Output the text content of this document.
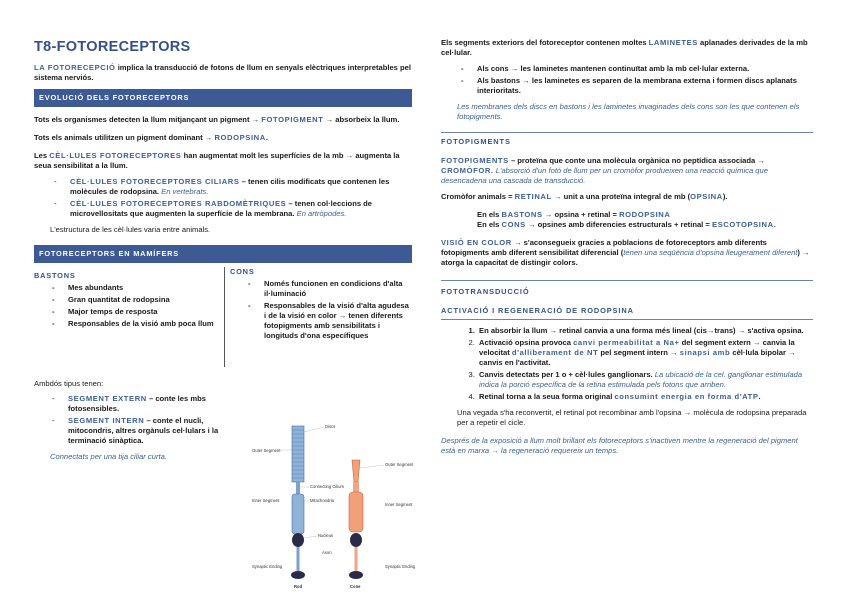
T8-FOTORECEPTORS
LA FOTORECEPCIÓ implica la transducció de fotons de llum en senyals elèctriques interpretables pel sistema nerviós.
EVOLUCIÓ DELS FOTORECEPTORS
Tots els organismes detecten la llum mitjançant un pigment → FOTOPIGMENT → absorbeix la llum.
Tots els animals utilitzen un pigment dominant → RODOPSINA.
Les CÈL·LULES FOTORECEPTORES han augmentat molt les superfícies de la mb → augmenta la seua sensibilitat a la llum.
- CÈL·LULES FOTORECEPTORES CILIARS – tenen cilis modificats que contenen les molècules de rodopsina. En vertebrats.
- CÈL·LULES FOTORECEPTORES RABDOMÈTRIQUES – tenen col·leccions de microvellositats que augmenten la superfície de la membrana. En artròpodes.
L'estructura de les cèl·lules varia entre animals.
FOTORECEPTORS EN MAMÍFERS
BASTONS
- Mes abundants
- Gran quantitat de rodopsina
- Major temps de resposta
- Responsables de la visió amb poca llum
CONS
- Només funcionen en condicions d'alta il·luminació
- Responsables de la visió d'alta agudesa i de la visió en color → tenen diferents fotopigments amb sensibilitats i longituds d'ona específiques
Ambdós tipus tenen:
- SEGMENT EXTERN – conte les mbs fotosensibles.
- SEGMENT INTERN – conte el nucli, mitocondris, altres orgànuls cel·lulars i la terminació sinàptica.
Connectats per una tija ciliar curta.
Discs
Outer Segment
Outer Segment
Connecting Cilium
Mitochondria
Inner Segment
Inner Segment
Nucleus
Axon
Synaptic Ending	Synaptic Ending
Rod	Cone
Els segments exteriors del fotoreceptor contenen moltes LAMINETES aplanades derivades de la mb cel·lular.
- Als cons → les laminetes mantenen continuïtat amb la mb cel·lular externa.
- Als bastons → les laminetes es separen de la membrana externa i formen discs aplanats interioritats.
Les membranes dels discs en bastons i les laminetes invaginades dels cons son les que contenen els fotopigments.
FOTOPIGMENTS
FOTOPIGMENTS – proteïna que conte una molècula orgànica no peptídica associada → CROMÒFOR. L'absorció d'un fotó de llum per un cromòfor produeixen una reacció química que desencadena una cascada de transducció.
Cromòfor animals = RETINAL → unit a una proteïna integral de mb (OPSINA).
En els BASTONS → opsina + retinal = RODOPSINA
En els CONS → opsines amb diferencies estructurals + retinal = ESCOTOPSINA.
VISIÓ EN COLOR → s'aconsegueix gracies a poblacions de fotoreceptors amb diferents fotopigments amb diferent sensibilitat diferencial (tenen una seqüència d'opsina lleugerament diferent) → atorga la capacitat de distingir colors.
FOTOTRANSDUCCIÓ
ACTIVACIÓ I REGENERACIÓ DE RODOPSINA
1. En absorbir la llum → retinal canvia a una forma més lineal (cis→trans) → s'activa opsina.
2. Activació opsina provoca canvi permeabilitat a Na+ del segment extern → canvia la velocitat d'alliberament de NT pel segment intern → sinapsi amb cèl·lula bipolar → canvis en l'activitat.
3. Canvis detectats per 1 o + cèl·lules ganglionars. La ubicació de la cel. ganglionar estimulada indica la porció específica de la retina estimulada pels fotons que arriben.
4. Retinal torna a la seua forma original consumint energia en forma d'ATP.
Una vegada s'ha reconvertit, el retinal pot recombinar amb l'opsina → molècula de rodopsina preparada per a repetir el cicle.
Després de la exposició a llum molt brillant els fotoreceptors s'inactiven mentre la regeneració del pigment està en marxa → la regeneració requereix un temps.
